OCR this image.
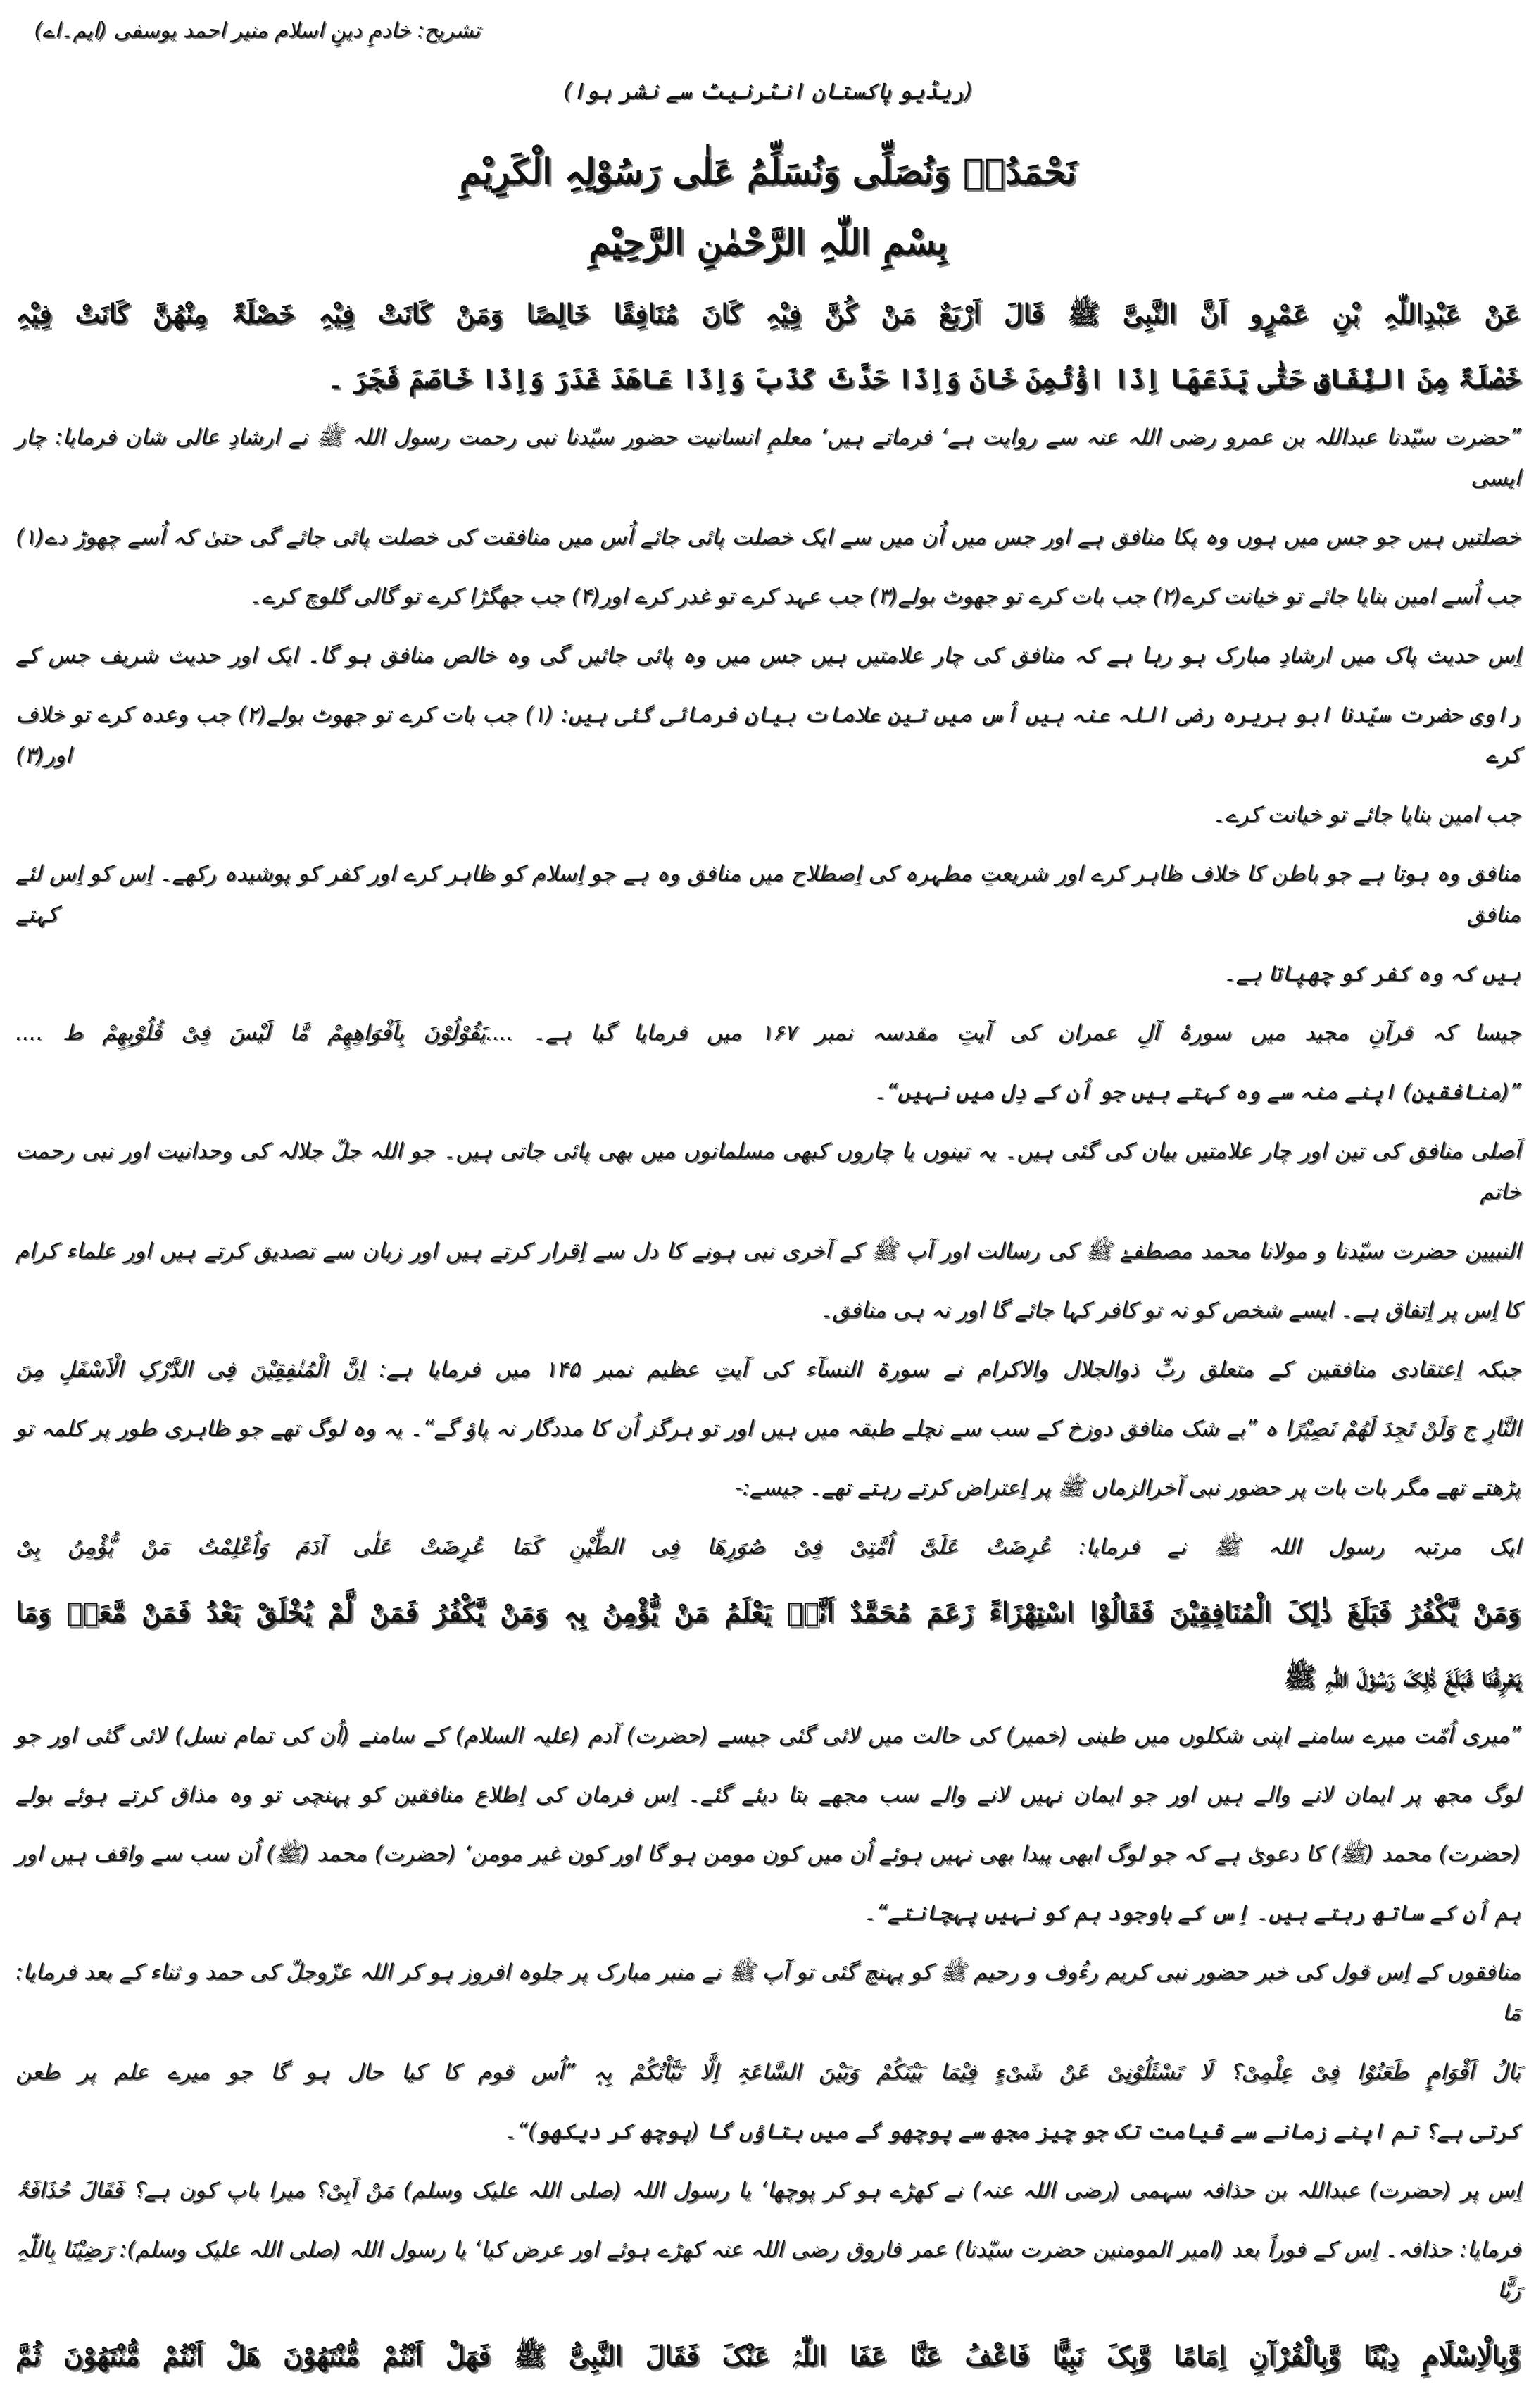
تشریح: خادمِ دینِ اسلام منیر احمد یوسفی (ایم۔اے)
(ریڈیو پاکستان انٹرنیٹ سے نشر ہوا)
نَحْمَدُہٗ وَنُصَلِّی وَنُسَلِّمُ عَلٰی رَسُوْلِہِ الْکَرِیْمِ
بِسْمِ اللّٰہِ الرَّحْمٰنِ الرَّحِیْمِ
عَنْ عَبْدِاللّٰہِ بْنِ عَمْرٍو اَنَّ النَّبِیَّ ﷺ قَالَ اَرْبَعٌ مَنْ کُنَّ فِیْہِ کَانَ مُنَافِقًا خَالِصًا وَمَنْ کَانَتْ فِیْہِ خَصْلَۃٌ مِنْھُنَّ کَانَتْ فِیْہِ
خَصْلَۃٌ مِنَ النِّفَاقِ حَتّٰی یَدَعَھَا اِذَا اؤْتُمِنَ خَانَ وَاِذَا حَدَّثَ کَذَبَ وَاِذَا عَاھَدَ غَدَرَ وَاِذَا خَاصَمَ فَجَرَ ۔
”حضرت سیّدنا عبداللہ بن عمرو رضی اللہ عنہ سے روایت ہے‘ فرماتے ہیں‘ معلمِ انسانیت حضور سیّدنا نبی رحمت رسول اللہ ﷺ نے ارشادِ عالی شان فرمایا: چار ایسی
خصلتیں ہیں جو جس میں ہوں وہ پکا منافق ہے اور جس میں اُن میں سے ایک خصلت پائی جائے اُس میں منافقت کی خصلت پائی جائے گی حتیٰ کہ اُسے چھوڑ دے(۱)
جب اُسے امین بنایا جائے تو خیانت کرے(۲) جب بات کرے تو جھوٹ بولے(۳) جب عہد کرے تو غدر کرے اور(۴) جب جھگڑا کرے تو گالی گلوچ کرے۔
اِس حدیث پاک میں ارشادِ مبارک ہو رہا ہے کہ منافق کی چار علامتیں ہیں جس میں وہ پائی جائیں گی وہ خالص منافق ہو گا۔ ایک اور حدیث شریف جس کے
راوی حضرت سیّدنا ابو ہریرہ رضی اللہ عنہ ہیں اُس میں تین علامات بیان فرمائی گئی ہیں: (۱) جب بات کرے تو جھوٹ بولے(۲) جب وعدہ کرے تو خلاف کرے اور(۳)
جب امین بنایا جائے تو خیانت کرے۔
منافق وہ ہوتا ہے جو باطن کا خلاف ظاہر کرے اور شریعتِ مطہرہ کی اِصطلاح میں منافق وہ ہے جو اِسلام کو ظاہر کرے اور کفر کو پوشیدہ رکھے۔ اِس کو اِس لئے منافق کہتے
ہیں کہ وہ کفر کو چھپاتا ہے۔
جیسا کہ قرآنِ مجید میں سورۂ آلِ عمران کی آیتِ مقدسہ نمبر ۱۶۷ میں فرمایا گیا ہے۔ ....یَقُوْلُوْنَ بِاَفْوَاھِھِمْ مَّا لَیْسَ فِیْ قُلُوْبِھِمْ ط ....
”(منافقین) اپنے منہ سے وہ کہتے ہیں جو اُن کے دِل میں نہیں“۔
اَصلی منافق کی تین اور چار علامتیں بیان کی گئی ہیں۔ یہ تینوں یا چاروں کبھی مسلمانوں میں بھی پائی جاتی ہیں۔ جو اللہ جلّ جلالہ کی وحدانیت اور نبی رحمت خاتم
النبیین حضرت سیّدنا و مولانا محمد مصطفےٰ ﷺ کی رسالت اور آپ ﷺ کے آخری نبی ہونے کا دل سے اِقرار کرتے ہیں اور زبان سے تصدیق کرتے ہیں اور علماء کرام
کا اِس پر اِتفاق ہے۔ ایسے شخص کو نہ تو کافر کہا جائے گا اور نہ ہی منافق۔
جبکہ اِعتقادی منافقین کے متعلق ربِّ ذوالجلال والاکرام نے سورۃ النسآء کی آیتِ عظیم نمبر ۱۴۵ میں فرمایا ہے: اِنَّ الْمُنٰفِقِیْنَ فِی الدَّرْکِ الْاَسْفَلِ مِنَ
النَّارِ ج وَلَنْ تَجِدَ لَھُمْ نَصِیْرًا ہ ”بے شک منافق دوزخ کے سب سے نچلے طبقہ میں ہیں اور تو ہرگز اُن کا مددگار نہ پاؤ گے“۔ یہ وہ لوگ تھے جو ظاہری طور پر کلمہ تو
پڑھتے تھے مگر بات بات پر حضور نبی آخرالزماں ﷺ پر اِعتراض کرتے رہتے تھے۔ جیسے:-
ایک مرتبہ رسول اللہ ﷺ نے فرمایا: عُرِضَتْ عَلَیَّ اُمَّتِیْ فِیْ صُوَرِھَا فِی الطِّیْنِ کَمَا عُرِضَتْ عَلٰی آدَمَ وَاُعْلِمْتُ مَنْ یُّؤْمِنُ بِیْ
وَمَنْ یَّکْفُرُ فَبَلَغَ ذٰلِکَ الْمُنَافِقِیْنَ فَقَالُوْا اسْتِھْزَاءً زَعَمَ مُحَمَّدٌ اَنَّہٗ یَعْلَمُ مَنْ یُّؤْمِنُ بِہٖ وَمَنْ یَّکْفُرُ فَمَنْ لَّمْ یُخْلَقْ بَعْدُ فَمَنْ مَّعَہٗ وَمَا
یَعْرِفُنَا فَبَلَغَ ذٰلِکَ رَسُوْلَ اللّٰہِ ﷺ
”میری اُمّت میرے سامنے اپنی شکلوں میں طینی (خمیر) کی حالت میں لائی گئی جیسے (حضرت) آدم (علیہ السلام) کے سامنے (اُن کی تمام نسل) لائی گئی اور جو
لوگ مجھ پر ایمان لانے والے ہیں اور جو ایمان نہیں لانے والے سب مجھے بتا دیئے گئے۔ اِس فرمان کی اِطلاع منافقین کو پہنچی تو وہ مذاق کرتے ہوئے بولے
(حضرت) محمد (ﷺ) کا دعویٰ ہے کہ جو لوگ ابھی پیدا بھی نہیں ہوئے اُن میں کون مومن ہو گا اور کون غیر مومن‘ (حضرت) محمد (ﷺ) اُن سب سے واقف ہیں اور
ہم اُن کے ساتھ رہتے ہیں۔ اِس کے باوجود ہم کو نہیں پہچانتے“۔
منافقوں کے اِس قول کی خبر حضور نبی کریم رءُوف و رحیم ﷺ کو پہنچ گئی تو آپ ﷺ نے منبر مبارک پر جلوہ افروز ہو کر اللہ عزّوجلّ کی حمد و ثناء کے بعد فرمایا: مَا
بَالُ اَقْوَامٍ طَعَنُوْا فِیْ عِلْمِیْ؟ لَا تَسْئَلُوْنِیْ عَنْ شَیْءٍ فِیْمَا بَیْنَکُمْ وَبَیْنَ السَّاعَۃِ اِلَّا نَبَّاْتُکُمْ بِہٖ ”اُس قوم کا کیا حال ہو گا جو میرے علم پر طعن
کرتی ہے؟ تم اپنے زمانے سے قیامت تک جو چیز مجھ سے پوچھو گے میں بتاؤں گا (پوچھ کر دیکھو)“۔
اِس پر (حضرت) عبداللہ بن حذافہ سہمی (رضی اللہ عنہ) نے کھڑے ہو کر پوچھا‘ یا رسول اللہ (صلی اللہ علیک وسلم) مَنْ اَبِیْ؟ میرا باپ کون ہے؟ فَقَالَ حُذَافَۃُ
فرمایا: حذافہ۔ اِس کے فوراً بعد (امیر المومنین حضرت سیّدنا) عمر فاروق رضی اللہ عنہ کھڑے ہوئے اور عرض کیا‘ یا رسول اللہ (صلی اللہ علیک وسلم): رَضِیْنَا بِاللّٰہِ رَبًّا
وَّبِالْاِسْلَامِ دِیْنًا وَّبِالْقُرْآنِ اِمَامًا وَّبِکَ نَبِیًّا فَاعْفُ عَنَّا عَفَا اللّٰہُ عَنْکَ فَقَالَ النَّبِیُّ ﷺ فَھَلْ اَنْتُمْ مُّنْتَھُوْنَ ھَلْ اَنْتُمْ مُّنْتَھُوْنَ ثُمَّ
